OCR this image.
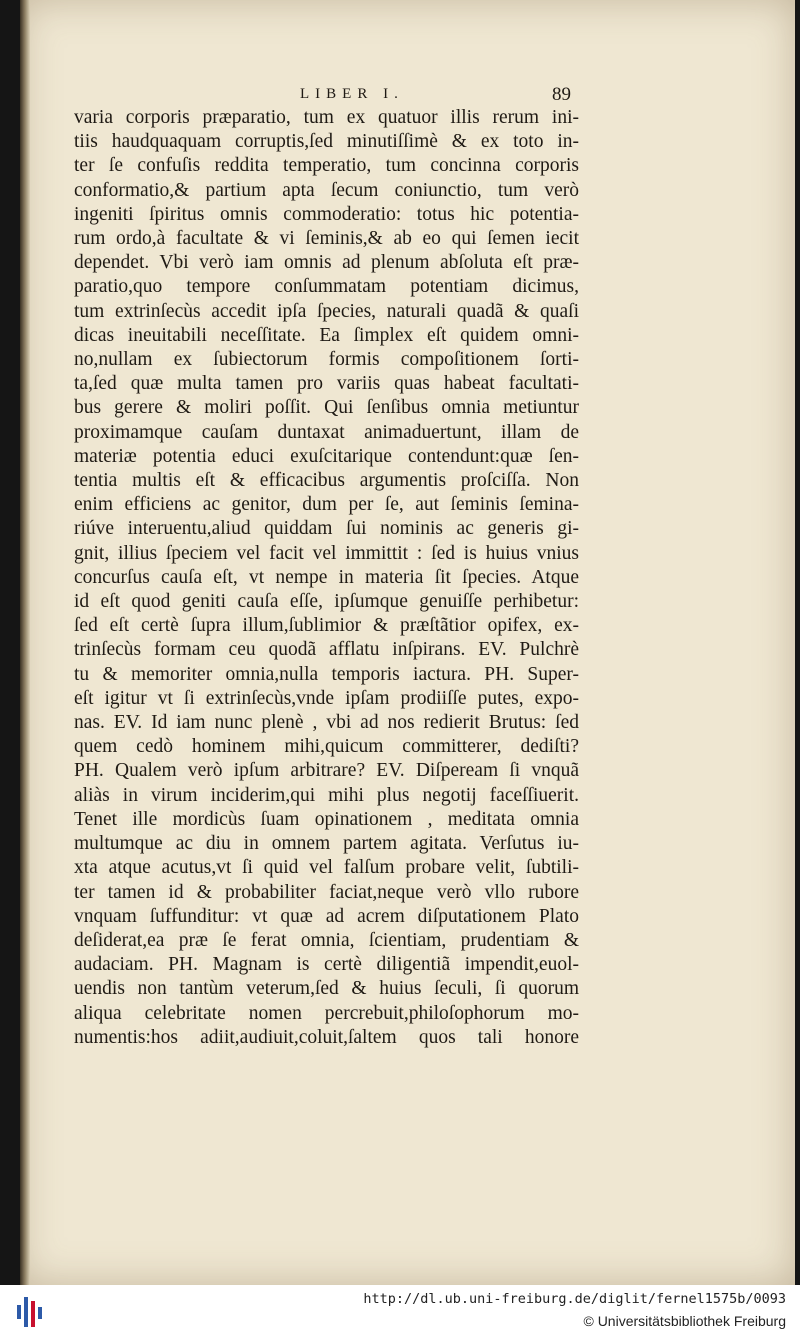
LIBER I.	89
varia corporis præparatio, tum ex quatuor illis rerum ini-
tiis haudquaquam corruptis,ſed minutiſſimè & ex toto in-
ter ſe confuſis reddita temperatio, tum concinna corporis
conformatio,& partium apta ſecum coniunctio, tum verò
ingeniti ſpiritus omnis commoderatio: totus hic potentia-
rum ordo,à facultate & vi ſeminis,& ab eo qui ſemen iecit
dependet. Vbi verò iam omnis ad plenum abſoluta eſt præ-
paratio,quo tempore conſummatam potentiam dicimus,
tum extrinſecùs accedit ipſa ſpecies, naturali quadã & quaſi
dicas ineuitabili neceſſitate. Ea ſimplex eſt quidem omni-
no,nullam ex ſubiectorum formis compoſitionem ſorti-
ta,ſed quæ multa tamen pro variis quas habeat facultati-
bus gerere & moliri poſſit. Qui ſenſibus omnia metiuntur
proximamque cauſam duntaxat animaduertunt, illam de
materiæ potentia educi exuſcitarique contendunt:quæ ſen-
tentia multis eſt & efficacibus argumentis proſciſſa. Non
enim efficiens ac genitor, dum per ſe, aut ſeminis ſemina-
riúve interuentu,aliud quiddam ſui nominis ac generis gi-
gnit, illius ſpeciem vel facit vel immittit : ſed is huius vnius
concurſus cauſa eſt, vt nempe in materia ſit ſpecies. Atque
id eſt quod geniti cauſa eſſe, ipſumque genuiſſe perhibetur:
ſed eſt certè ſupra illum,ſublimior & præſtãtior opifex, ex-
trinſecùs formam ceu quodã afflatu inſpirans. EV. Pulchrè
tu & memoriter omnia,nulla temporis iactura. PH. Super-
eſt igitur vt ſi extrinſecùs,vnde ipſam prodiiſſe putes, expo-
nas. EV. Id iam nunc plenè , vbi ad nos redierit Brutus: ſed
quem cedò hominem mihi,quicum committerer, dediſti?
PH. Qualem verò ipſum arbitrare? EV. Diſpeream ſi vnquã
aliàs in virum inciderim,qui mihi plus negotij faceſſiuerit.
Tenet ille mordicùs ſuam opinationem , meditata omnia
multumque ac diu in omnem partem agitata. Verſutus iu-
xta atque acutus,vt ſi quid vel falſum probare velit, ſubtili-
ter tamen id & probabiliter faciat,neque verò vllo rubore
vnquam ſuffunditur: vt quæ ad acrem diſputationem Plato
deſiderat,ea præ ſe ferat omnia, ſcientiam, prudentiam &
audaciam. PH. Magnam is certè diligentiã impendit,euol-
uendis non tantùm veterum,ſed & huius ſeculi, ſi quorum
aliqua celebritate nomen percrebuit,philoſophorum mo-
numentis:hos adiit,audiuit,coluit,ſaltem quos tali honore
http://dl.ub.uni-freiburg.de/diglit/fernel1575b/0093
© Universitätsbibliothek Freiburg
